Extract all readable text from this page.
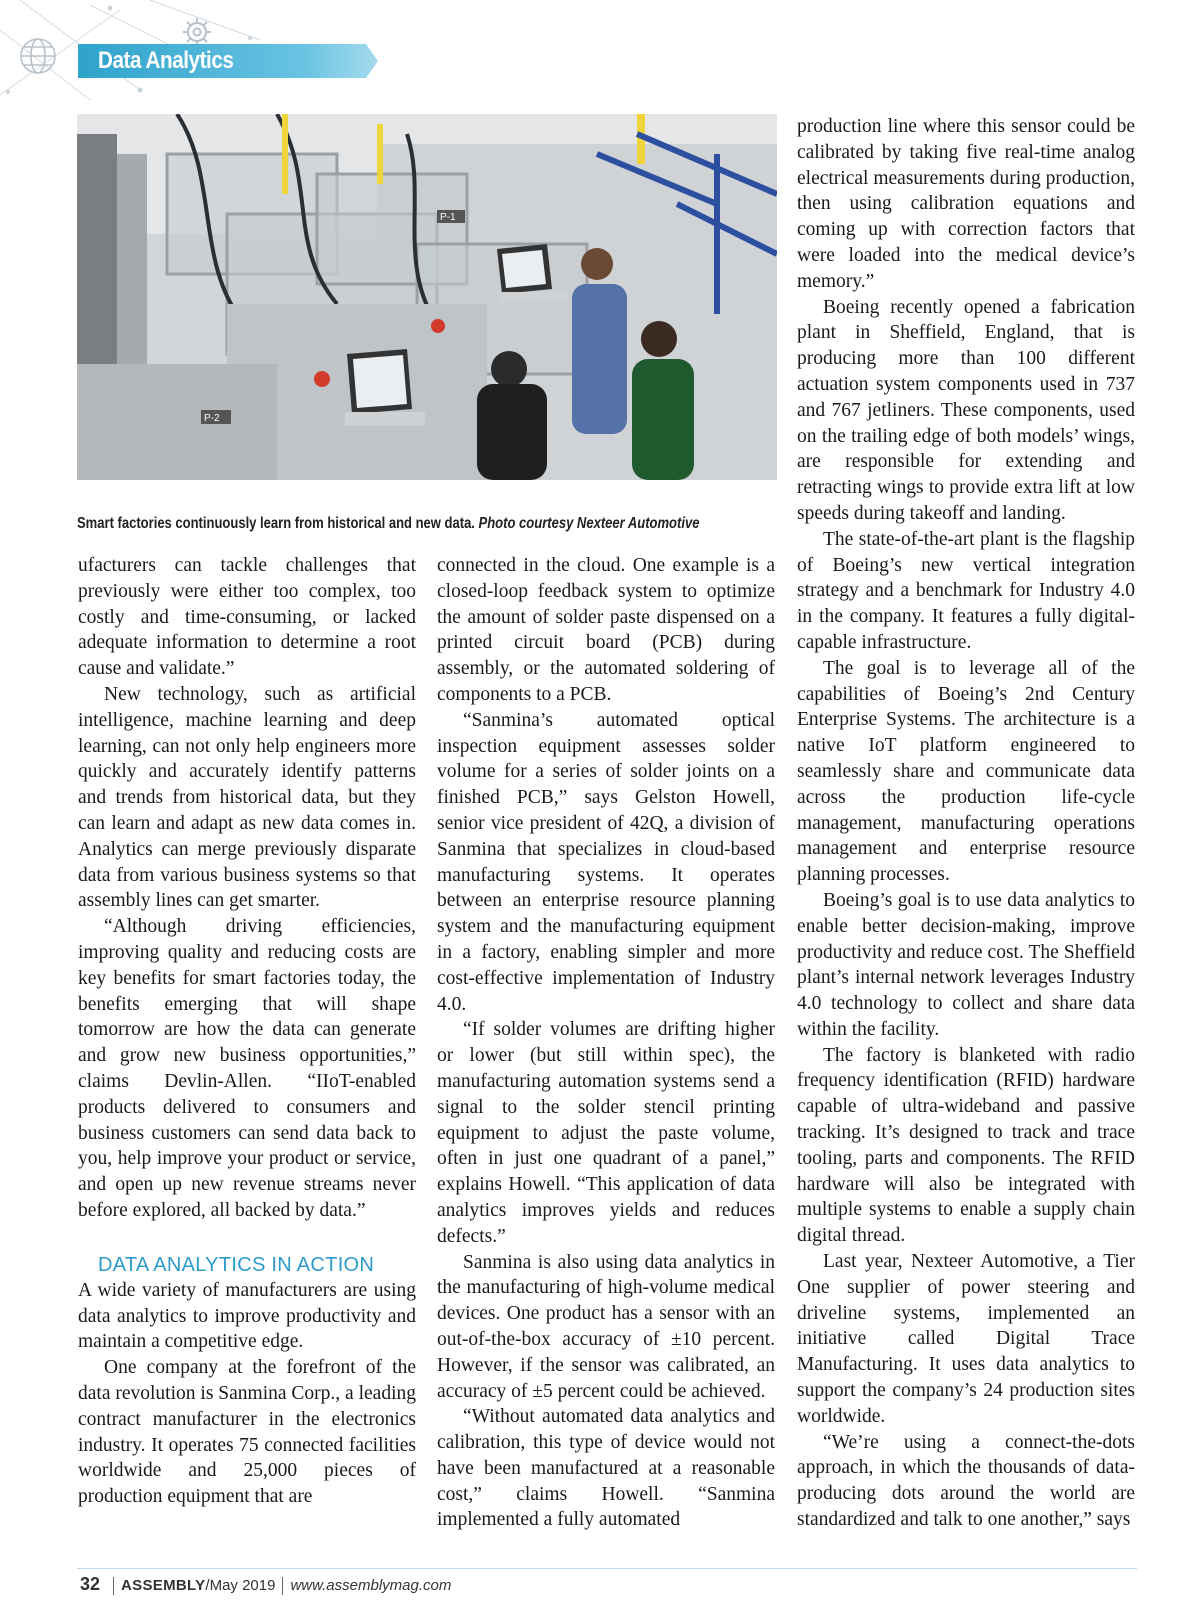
Data Analytics
P-2
P-1
Smart factories continuously learn from historical and new data. Photo courtesy Nexteer Automotive

ufacturers can tackle challenges that previously were either too complex, too costly and time-consuming, or lacked adequate information to determine a root cause and validate.”

New technology, such as artificial intelligence, machine learning and deep learning, can not only help engineers more quickly and accurately identify patterns and trends from historical data, but they can learn and adapt as new data comes in. Analytics can merge previously disparate data from various business systems so that assembly lines can get smarter.

“Although driving efficiencies, improving quality and reducing costs are key benefits for smart factories today, the benefits emerging that will shape tomorrow are how the data can generate and grow new business opportunities,” claims Devlin-Allen. “IIoT-enabled products delivered to consumers and business customers can send data back to you, help improve your product or service, and open up new revenue streams never before explored, all backed by data.”

DATA ANALYTICS IN ACTION

A wide variety of manufacturers are using data analytics to improve productivity and maintain a competitive edge.

One company at the forefront of the data revolution is Sanmina Corp., a leading contract manufacturer in the electronics industry. It operates 75 connected facilities worldwide and 25,000 pieces of production equipment that are

connected in the cloud. One example is a closed-loop feedback system to optimize the amount of solder paste dispensed on a printed circuit board (PCB) during assembly, or the automated soldering of components to a PCB.

“Sanmina’s automated optical inspection equipment assesses solder volume for a series of solder joints on a finished PCB,” says Gelston Howell, senior vice president of 42Q, a division of Sanmina that specializes in cloud-based manufacturing systems. It operates between an enterprise resource planning system and the manufacturing equipment in a factory, enabling simpler and more cost-effective implementation of Industry 4.0.

“If solder volumes are drifting higher or lower (but still within spec), the manufacturing automation systems send a signal to the solder stencil printing equipment to adjust the paste volume, often in just one quadrant of a panel,” explains Howell. “This application of data analytics improves yields and reduces defects.”

Sanmina is also using data analytics in the manufacturing of high-volume medical devices. One product has a sensor with an out-of-the-box accuracy of ±10 percent. However, if the sensor was calibrated, an accuracy of ±5 percent could be achieved.

“Without automated data analytics and calibration, this type of device would not have been manufactured at a reasonable cost,” claims Howell. “Sanmina implemented a fully automated

production line where this sensor could be calibrated by taking five real-time analog electrical measurements during production, then using calibration equations and coming up with correction factors that were loaded into the medical device’s memory.”

Boeing recently opened a fabrication plant in Sheffield, England, that is producing more than 100 different actuation system components used in 737 and 767 jetliners. These components, used on the trailing edge of both models’ wings, are responsible for extending and retracting wings to provide extra lift at low speeds during takeoff and landing.

The state-of-the-art plant is the flagship of Boeing’s new vertical integration strategy and a benchmark for Industry 4.0 in the company. It features a fully digital-capable infrastructure.

The goal is to leverage all of the capabilities of Boeing’s 2nd Century Enterprise Systems. The architecture is a native IoT platform engineered to seamlessly share and communicate data across the production life-cycle management, manufacturing operations management and enterprise resource planning processes.

Boeing’s goal is to use data analytics to enable better decision-making, improve productivity and reduce cost. The Sheffield plant’s internal network leverages Industry 4.0 technology to collect and share data within the facility.

The factory is blanketed with radio frequency identification (RFID) hardware capable of ultra-wideband and passive tracking. It’s designed to track and trace tooling, parts and components. The RFID hardware will also be integrated with multiple systems to enable a supply chain digital thread.

Last year, Nexteer Automotive, a Tier One supplier of power steering and driveline systems, implemented an initiative called Digital Trace Manufacturing. It uses data analytics to support the company’s 24 production sites worldwide.

“We’re using a connect-the-dots approach, in which the thousands of data-producing dots around the world are standardized and talk to one another,” says

32 ASSEMBLY/May 2019 www.assemblymag.com
